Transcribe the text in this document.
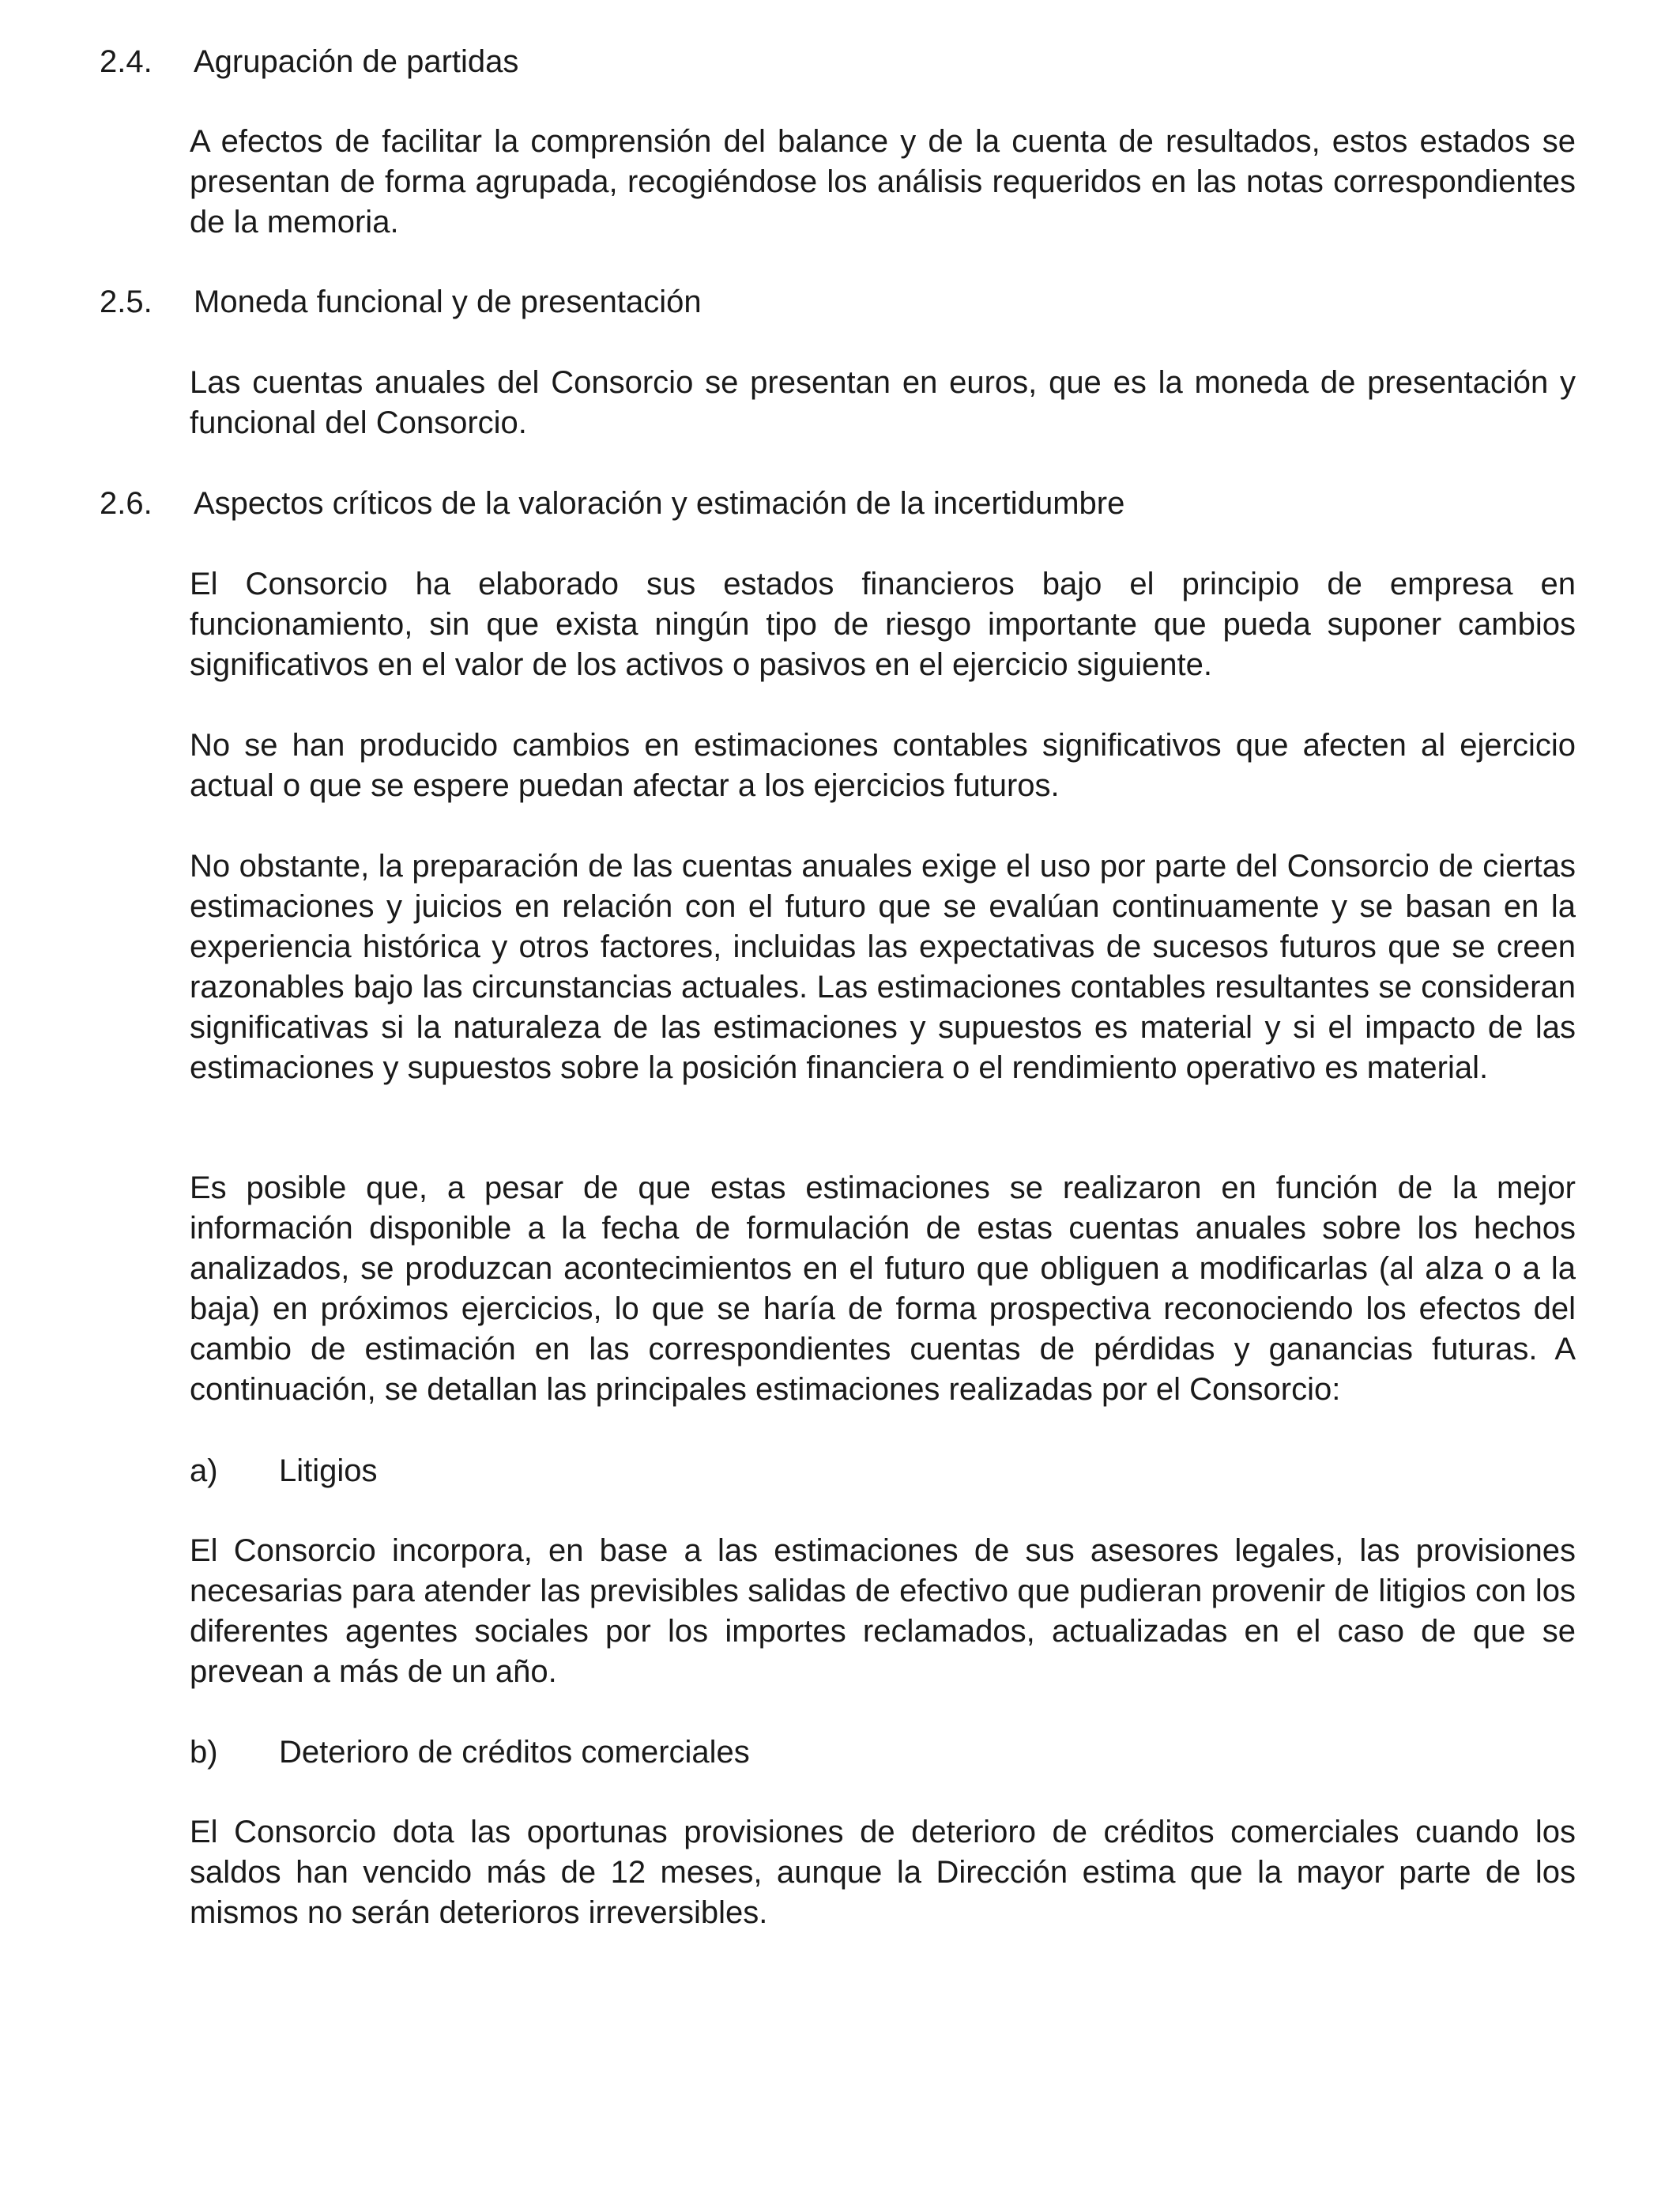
2.4. Agrupación de partidas
A efectos de facilitar la comprensión del balance y de la cuenta de resultados, estos estados se presentan de forma agrupada, recogiéndose los análisis requeridos en las notas correspondientes de la memoria.
2.5. Moneda funcional y de presentación
Las cuentas anuales del Consorcio se presentan en euros, que es la moneda de presentación y funcional del Consorcio.
2.6. Aspectos críticos de la valoración y estimación de la incertidumbre
El Consorcio ha elaborado sus estados financieros bajo el principio de empresa en funcionamiento, sin que exista ningún tipo de riesgo importante que pueda suponer cambios significativos en el valor de los activos o pasivos en el ejercicio siguiente.
No se han producido cambios en estimaciones contables significativos que afecten al ejercicio actual o que se espere puedan afectar a los ejercicios futuros.
No obstante, la preparación de las cuentas anuales exige el uso por parte del Consorcio de ciertas estimaciones y juicios en relación con el futuro que se evalúan continuamente y se basan en la experiencia histórica y otros factores, incluidas las expectativas de sucesos futuros que se creen razonables bajo las circunstancias actuales. Las estimaciones contables resultantes se consideran significativas si la naturaleza de las estimaciones y supuestos es material y si el impacto de las estimaciones y supuestos sobre la posición financiera o el rendimiento operativo es material.
Es posible que, a pesar de que estas estimaciones se realizaron en función de la mejor información disponible a la fecha de formulación de estas cuentas anuales sobre los hechos analizados, se produzcan acontecimientos en el futuro que obliguen a modificarlas (al alza o a la baja) en próximos ejercicios, lo que se haría de forma prospectiva reconociendo los efectos del cambio de estimación en las correspondientes cuentas de pérdidas y ganancias futuras. A continuación, se detallan las principales estimaciones realizadas por el Consorcio:
a) Litigios
El Consorcio incorpora, en base a las estimaciones de sus asesores legales, las provisiones necesarias para atender las previsibles salidas de efectivo que pudieran provenir de litigios con los diferentes agentes sociales por los importes reclamados, actualizadas en el caso de que se prevean a más de un año.
b) Deterioro de créditos comerciales
El Consorcio dota las oportunas provisiones de deterioro de créditos comerciales cuando los saldos han vencido más de 12 meses, aunque la Dirección estima que la mayor parte de los mismos no serán deterioros irreversibles.
